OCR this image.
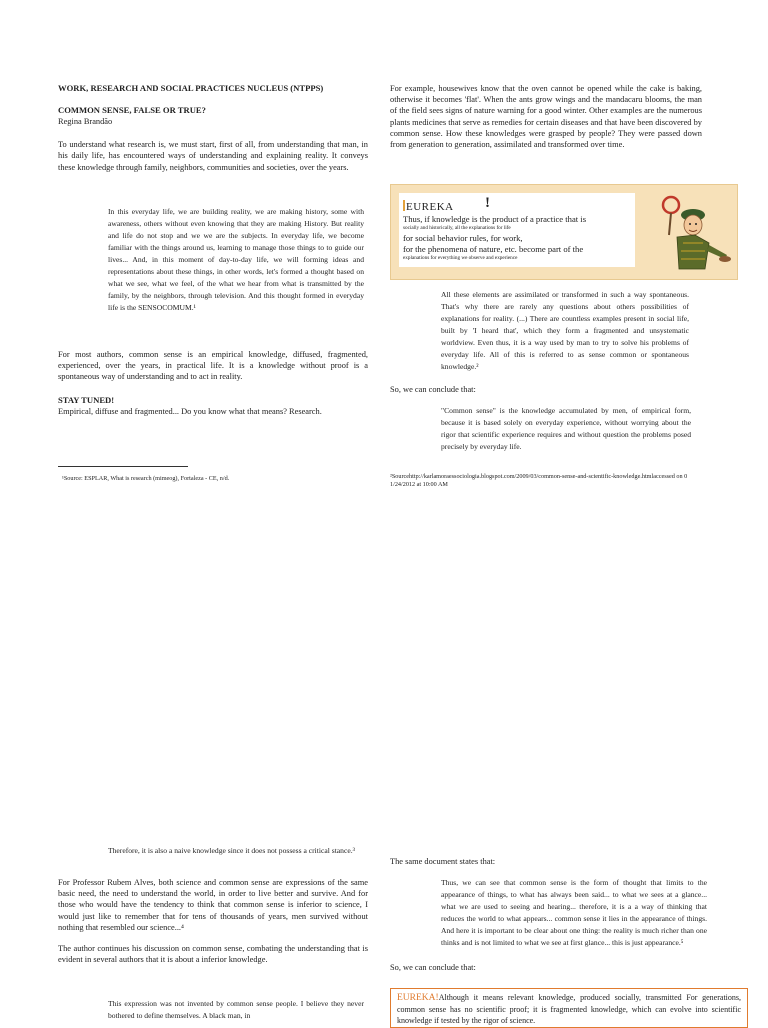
WORK, RESEARCH AND SOCIAL PRACTICES NUCLEUS (NTPPS)

COMMON SENSE, FALSE OR TRUE?

Regina Brandão

To understand what research is, we must start, first of all, from understanding that man, in his daily life, has encountered ways of understanding and explaining reality. It conveys these knowledge through family, neighbors, communities and societies, over the years.

In this everyday life, we are building reality, we are making history, some with awareness, others without even knowing that they are making History. But reality and life do not stop and we we are the subjects. In everyday life, we become familiar with the things around us, learning to manage those things to to guide our lives... And, in this moment of day-to-day life, we will forming ideas and representations about these things, in other words, let's formed a thought based on what we see, what we feel, of the what we hear from what is transmitted by the family, by the neighbors, through television. And this thought formed in everyday life is the SENSOCOMUM.¹

For most authors, common sense is an empirical knowledge, diffused, fragmented, experienced, over the years, in practical life. It is a knowledge without proof is a spontaneous way of understanding and to act in reality.

STAY TUNED!

Empirical, diffuse and fragmented... Do you know what that means? Research.

¹Source: ESPLAR, What is research (mimeog), Fortaleza - CE, n/d.

For example, housewives know that the oven cannot be opened while the cake is baking, otherwise it becomes 'flat'. When the ants grow wings and the mandacaru blooms, the man of the field sees signs of nature warning for a good winter. Other examples are the numerous plants medicines that serve as remedies for certain diseases and that have been discovered by common sense. How these knowledges were grasped by people? They were passed down from generation to generation, assimilated and transformed over time.

EUREKA !
Thus, if knowledge is the product of a practice that is
socially and historically, all the explanations for life
for social behavior rules, for work,
for the phenomena of nature, etc. become part of the
explanations for everything we observe and experience

All these elements are assimilated or transformed in such a way spontaneous. That's why there are rarely any questions about others possibilities of explanations for reality. (...) There are countless examples present in social life, built by 'I heard that', which they form a fragmented and unsystematic worldview. Even thus, it is a way used by man to try to solve his problems of everyday life. All of this is referred to as sense common or spontaneous knowledge.²

So, we can conclude that:

"Common sense" is the knowledge accumulated by men, of empirical form, because it is based solely on everyday experience, without worrying about the rigor that scientific experience requires and without question the problems posed precisely by everyday life.

²Sourcehttp://karlamoraessociologia.blogspot.com/2009/03/common-sense-and-scientific-knowledge.htmlaccessed on 01/24/2012 at 10:00 AM

Therefore, it is also a naive knowledge since it does not possess a critical stance.³

For Professor Rubem Alves, both science and common sense are expressions of the same basic need, the need to understand the world, in order to live better and survive. And for those who would have the tendency to think that common sense is inferior to science, I would just like to remember that for tens of thousands of years, men survived without nothing that resembled our science...⁴

The author continues his discussion on common sense, combating the understanding that is evident in several authors that it is about a inferior knowledge.

This expression was not invented by common sense people. I believe they never bothered to define themselves. A black man, in

The same document states that:

Thus, we can see that common sense is the form of thought that limits to the appearance of things, to what has always been said... to what we sees at a glance... what we are used to seeing and hearing... therefore, it is a a way of thinking that reduces the world to what appears... common sense it lies in the appearance of things. And here it is important to be clear about one thing: the reality is much richer than one thinks and is not limited to what we see at first glance... this is just appearance.⁵

So, we can conclude that:

EUREKA!Although it means relevant knowledge, produced socially, transmitted For generations, common sense has no scientific proof; it is fragmented knowledge, which can evolve into scientific knowledge if tested by the rigor of science.
